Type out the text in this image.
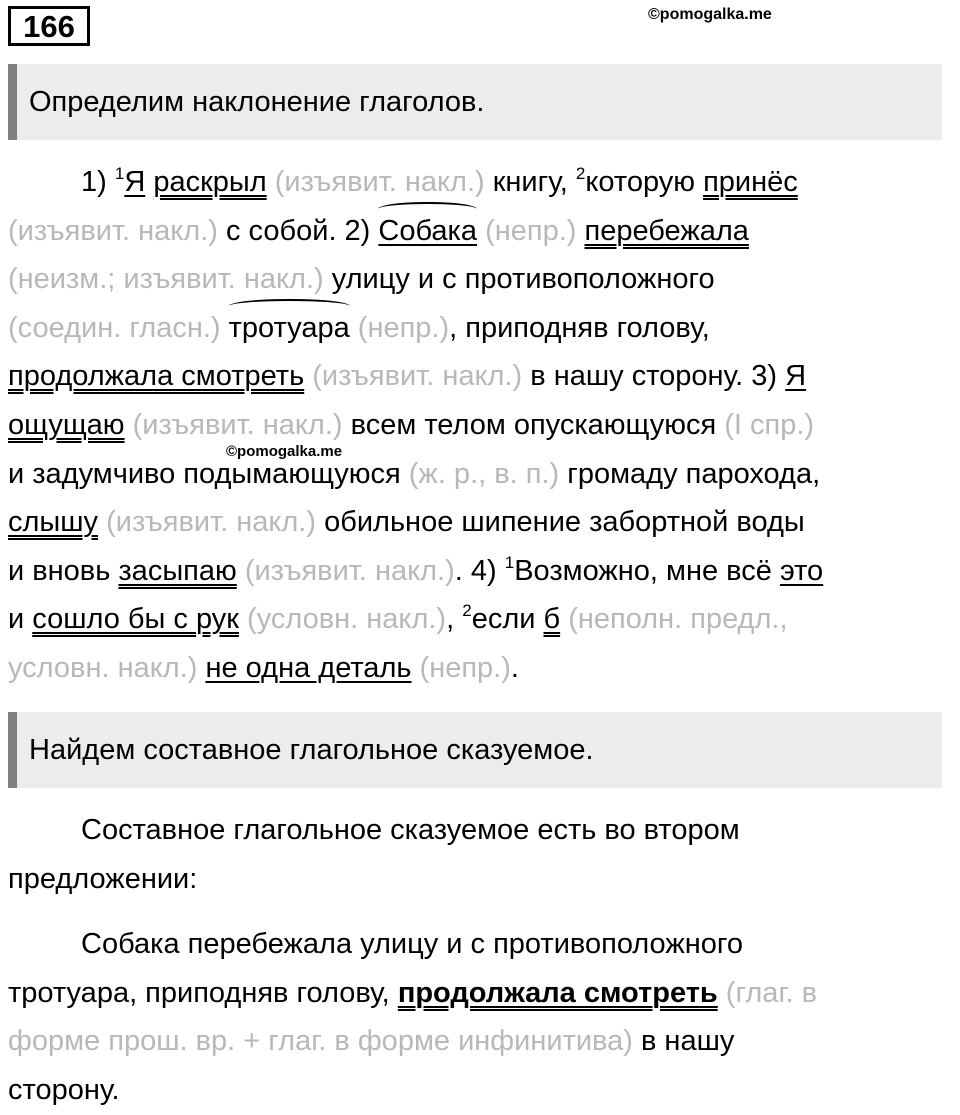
166	©pomogalka.me
Определим наклонение глаголов.
1) $^1$Я раскрыл (изъявит. накл.) книгу, $^2$которую принёс
(изъявит. накл.) с собой. 2) Собака (непр.) перебежала
(неизм.; изъявит. накл.) улицу и с противоположного
(соедин. гласн.) тротуара (непр.), приподняв голову,
продолжала смотреть (изъявит. накл.) в нашу сторону. 3) Я
ощущаю (изъявит. накл.) всем телом опускающуюся (I спр.)
и задумчиво подымающуюся (ж. р., в. п.) громаду парохода,
слышу (изъявит. накл.) обильное шипение забортной воды
и вновь засыпаю (изъявит. накл.). 4) $^1$Возможно, мне всё это
и сошло бы с рук (условн. накл.), $^2$если б (неполн. предл.,
условн. накл.) не одна деталь (непр.).
©pomogalka.me
Найдем составное глагольное сказуемое.
Составное глагольное сказуемое есть во втором
предложении:
Собака перебежала улицу и с противоположного
тротуара, приподняв голову, продолжала смотреть (глаг. в
форме прош. вр. + глаг. в форме инфинитива) в нашу
сторону.
